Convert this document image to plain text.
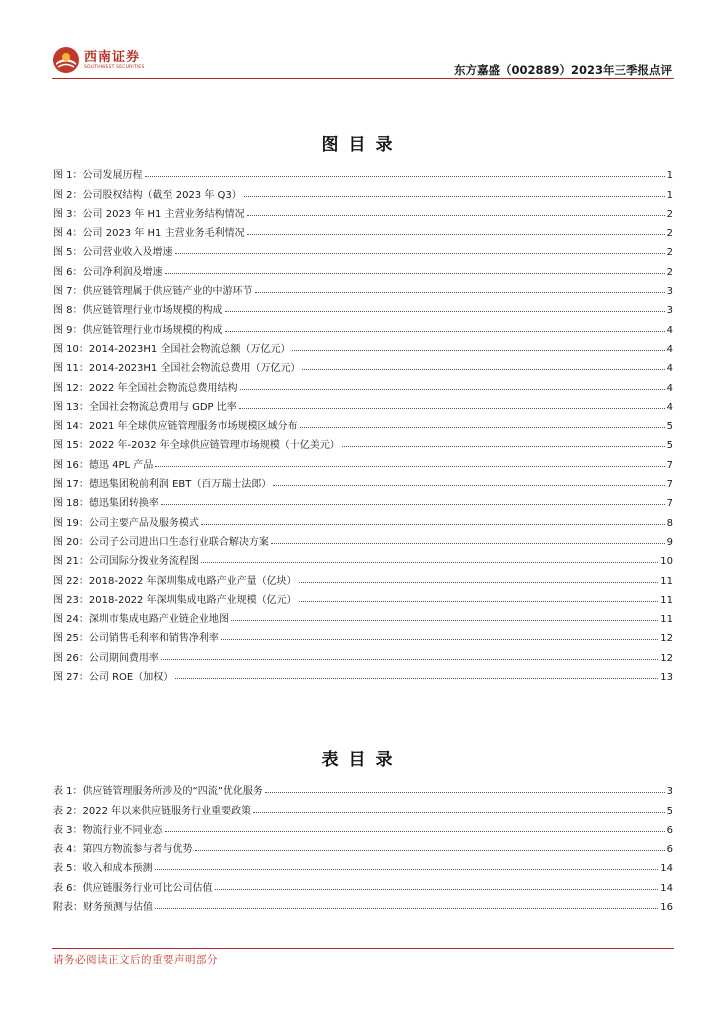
西南证券
SOUTHWEST SECURITIES	东方嘉盛（002889）2023年三季报点评
图目录
图 1：公司发展历程	1
图 2：公司股权结构（截至 2023 年 Q3）	1
图 3：公司 2023 年 H1 主营业务结构情况	2
图 4：公司 2023 年 H1 主营业务毛利情况	2
图 5：公司营业收入及增速	2
图 6：公司净利润及增速	2
图 7：供应链管理属于供应链产业的中游环节	3
图 8：供应链管理行业市场规模的构成	3
图 9：供应链管理行业市场规模的构成	4
图 10：2014-2023H1 全国社会物流总额（万亿元）	4
图 11：2014-2023H1 全国社会物流总费用（万亿元）	4
图 12：2022 年全国社会物流总费用结构	4
图 13：全国社会物流总费用与 GDP 比率	4
图 14：2021 年全球供应链管理服务市场规模区域分布	5
图 15：2022 年-2032 年全球供应链管理市场规模（十亿美元）	5
图 16：德迅 4PL 产品	7
图 17：德迅集团税前利润 EBT（百万瑞士法郎）	7
图 18：德迅集团转换率	7
图 19：公司主要产品及服务模式	8
图 20：公司子公司进出口生态行业联合解决方案	9
图 21：公司国际分拨业务流程图	10
图 22：2018-2022 年深圳集成电路产业产量（亿块）	11
图 23：2018-2022 年深圳集成电路产业规模（亿元）	11
图 24：深圳市集成电路产业链企业地图	11
图 25：公司销售毛利率和销售净利率	12
图 26：公司期间费用率	12
图 27：公司 ROE（加权）	13
表目录
表 1：供应链管理服务所涉及的“四流”优化服务	3
表 2：2022 年以来供应链服务行业重要政策	5
表 3：物流行业不同业态	6
表 4：第四方物流参与者与优势	6
表 5：收入和成本预测	14
表 6：供应链服务行业可比公司估值	14
附表：财务预测与估值	16
请务必阅读正文后的重要声明部分
